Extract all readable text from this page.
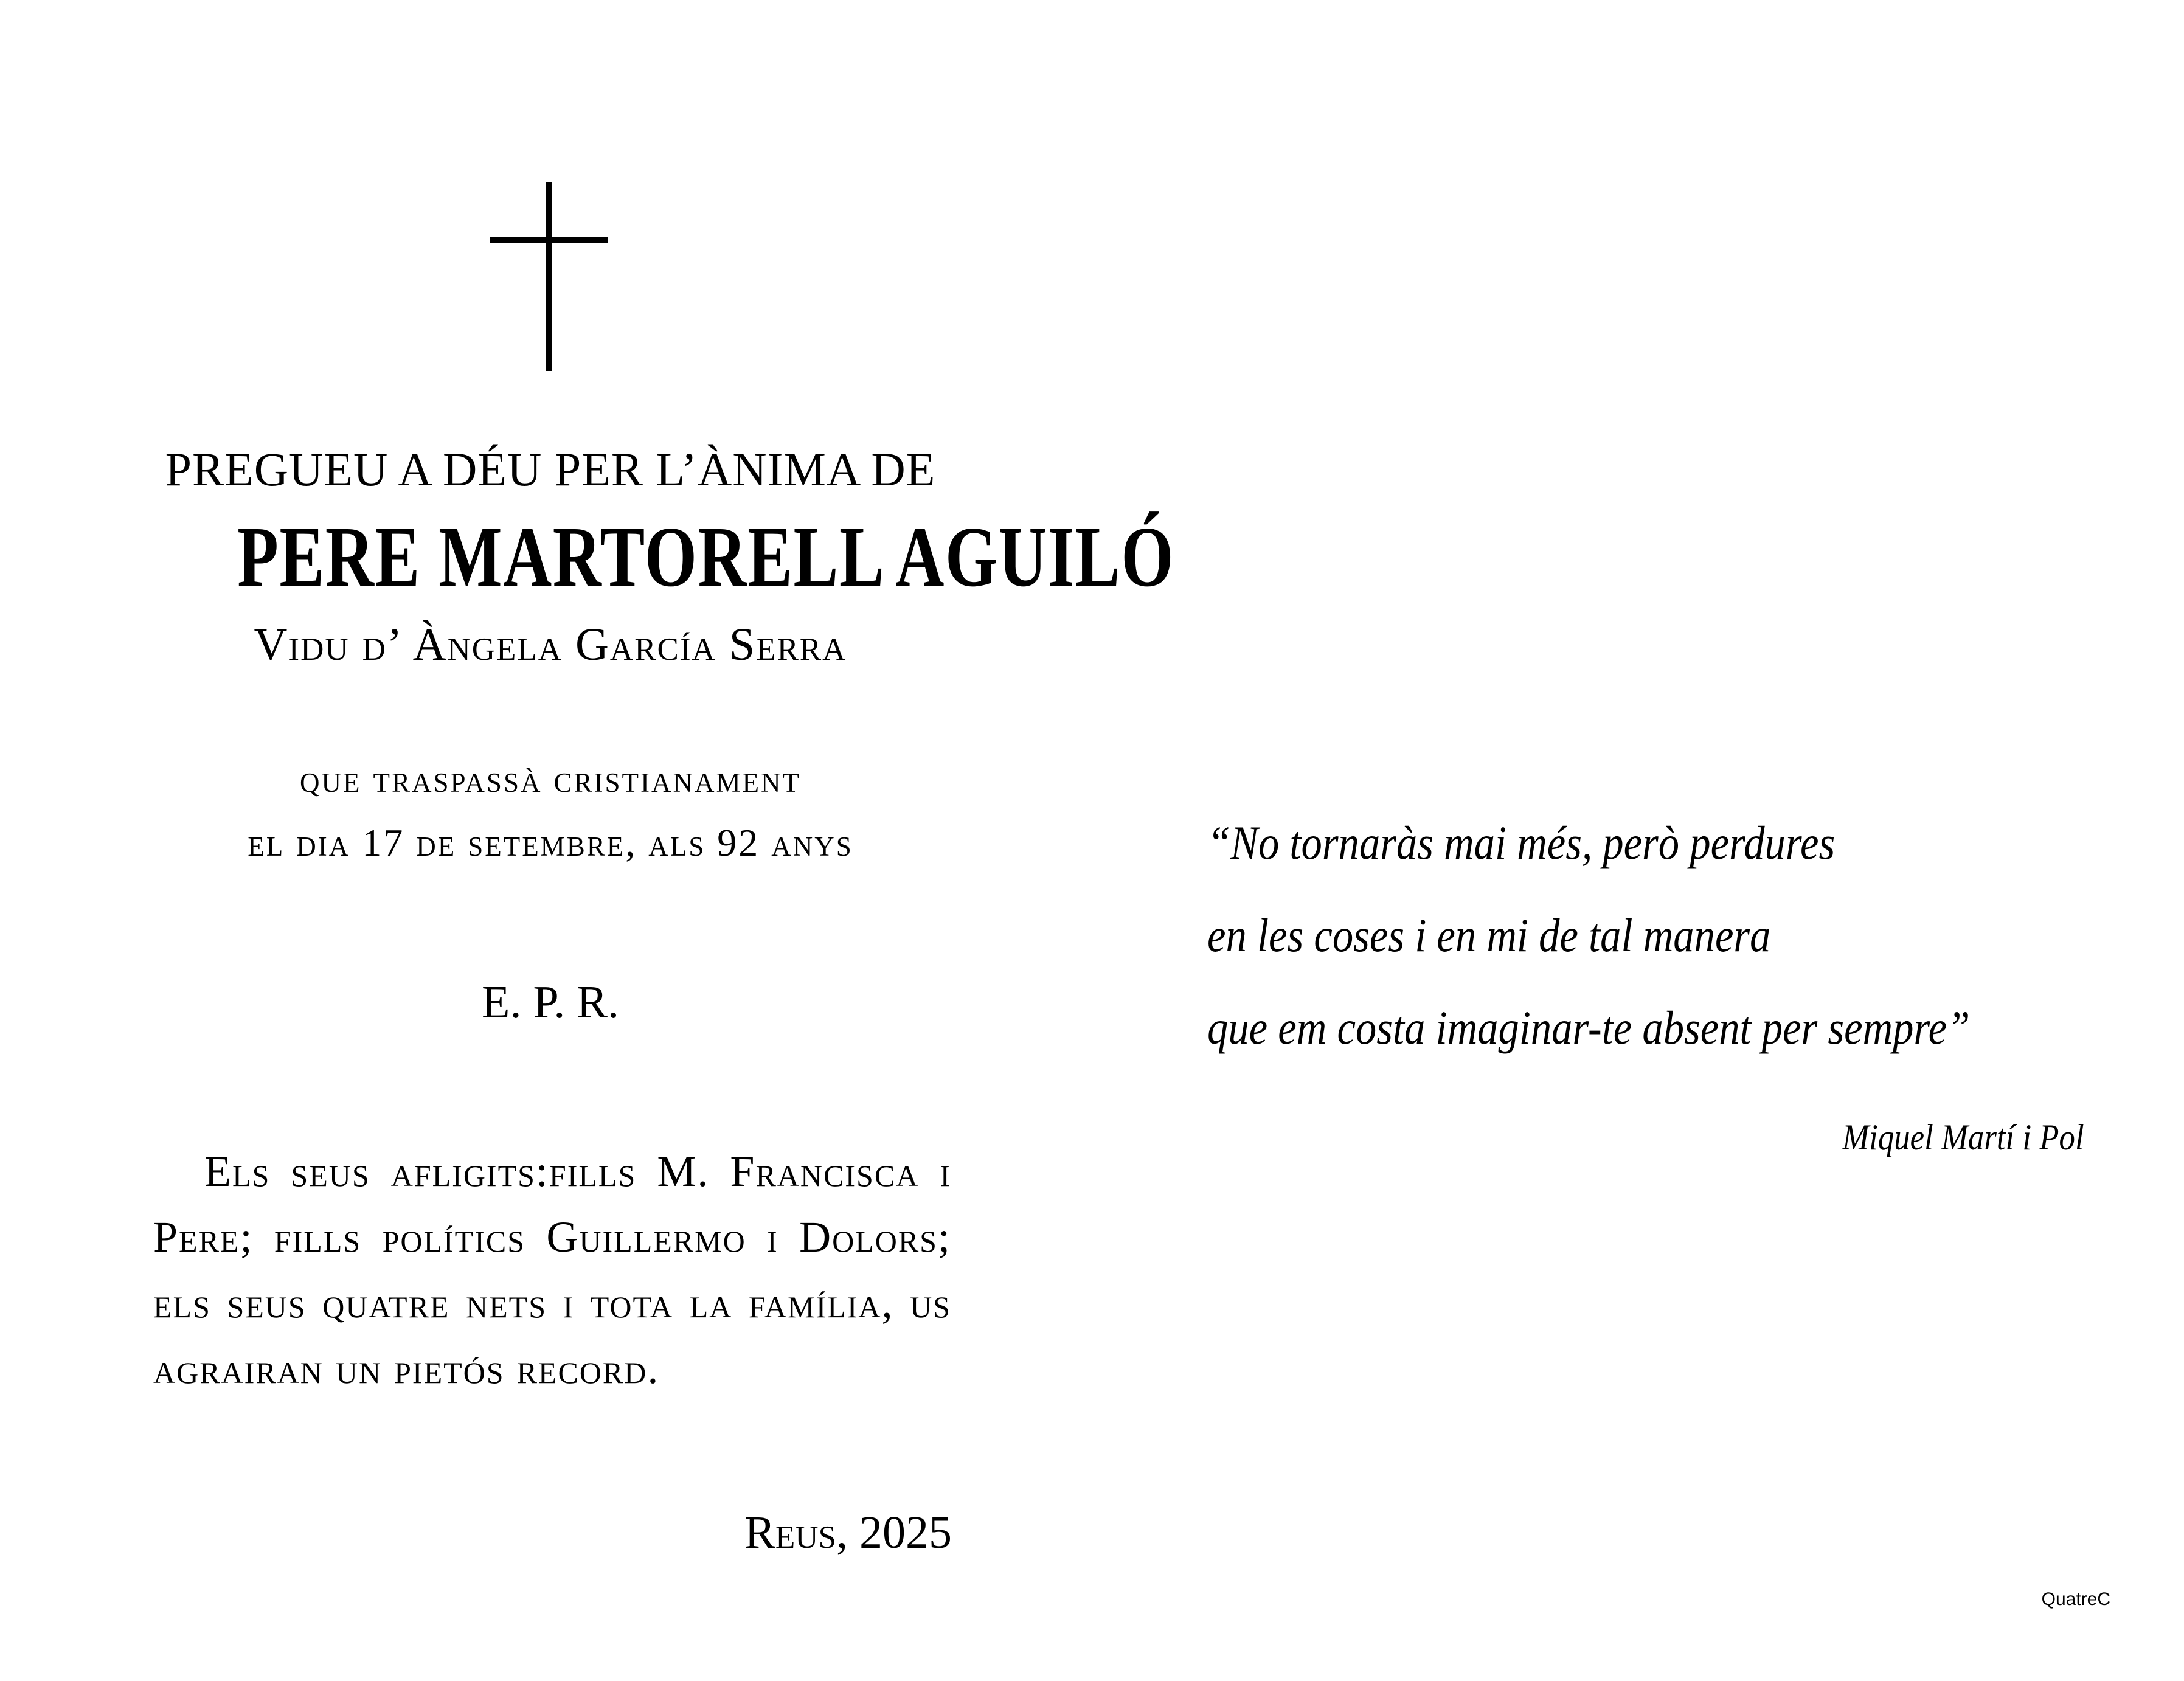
PREGUEU A DÉU PER L’ÀNIMA DE
PERE MARTORELL AGUILÓ
Vidu d’ Àngela García Serra
que traspassà cristianament
el dia 17 de setembre, als 92 anys
E. P. R.
Els seus afligits:fills M. Francisca i Pere; fills polítics Guillermo i Dolors; els seus quatre nets i tota la família, us agrairan un pietós record.
Reus, 2025
“No tornaràs mai més, però perdures
en les coses i en mi de tal manera
que em costa imaginar-te absent per sempre”
Miquel Martí i Pol
QuatreC
